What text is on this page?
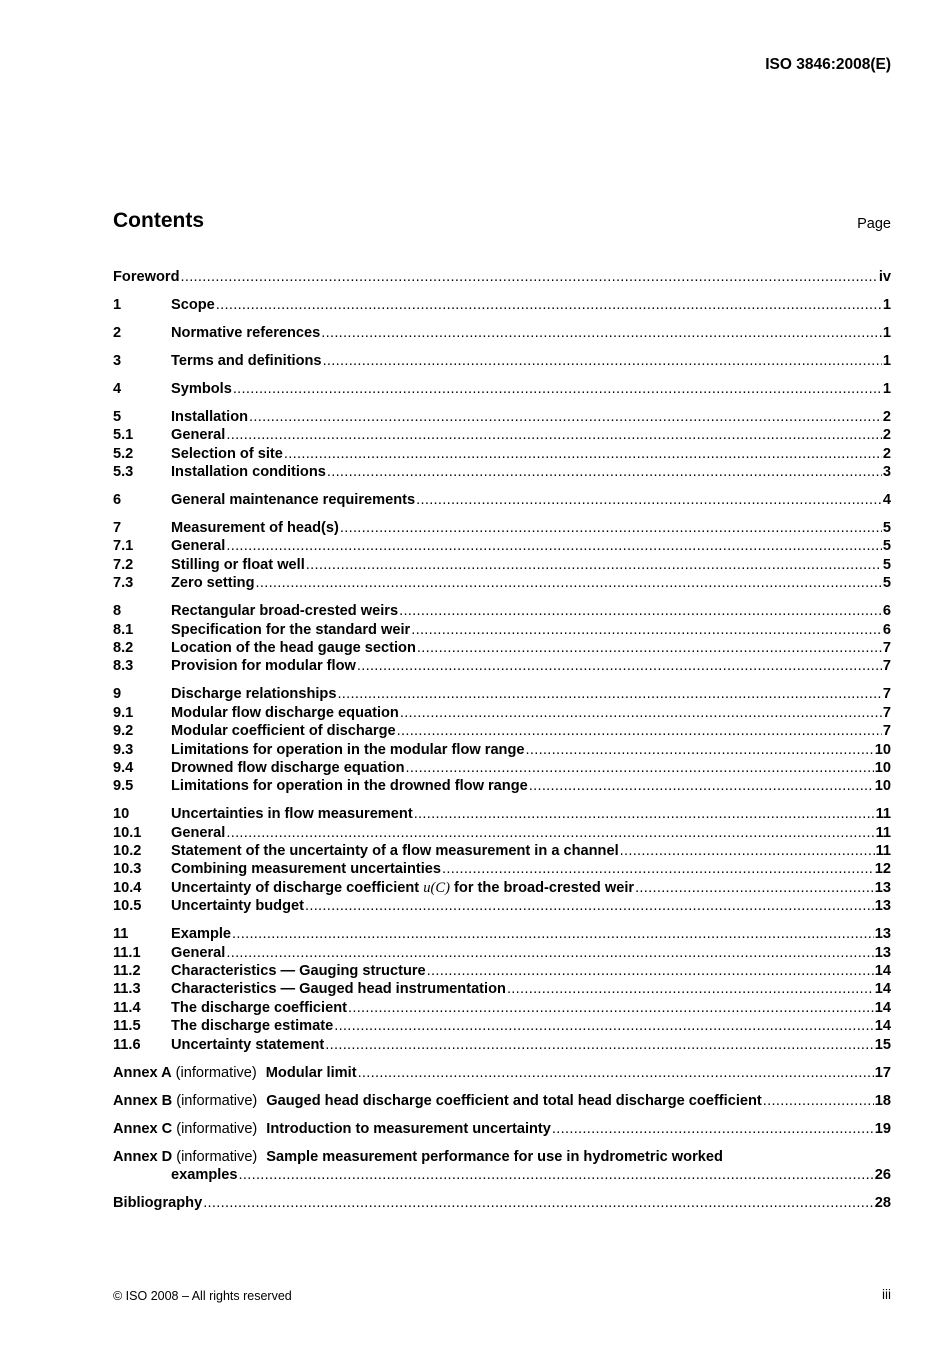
ISO 3846:2008(E)
Contents	Page
Foreword .....	iv
1	Scope .....	1
2	Normative references .....	1
3	Terms and definitions .....	1
4	Symbols .....	1
5	Installation .....	2
5.1	General .....	2
5.2	Selection of site .....	2
5.3	Installation conditions .....	3
6	General maintenance requirements .....	4
7	Measurement of head(s) .....	5
7.1	General .....	5
7.2	Stilling or float well .....	5
7.3	Zero setting .....	5
8	Rectangular broad-crested weirs .....	6
8.1	Specification for the standard weir .....	6
8.2	Location of the head gauge section .....	7
8.3	Provision for modular flow .....	7
9	Discharge relationships .....	7
9.1	Modular flow discharge equation .....	7
9.2	Modular coefficient of discharge .....	7
9.3	Limitations for operation in the modular flow range .....	10
9.4	Drowned flow discharge equation .....	10
9.5	Limitations for operation in the drowned flow range .....	10
10	Uncertainties in flow measurement .....	11
10.1 General .....	11
10.2 Statement of the uncertainty of a flow measurement in a channel .....	11
10.3 Combining measurement uncertainties .....	12
10.4 Uncertainty of discharge coefficient u(C) for the broad-crested weir .....	13
10.5 Uncertainty budget .....	13
11	Example .....	13
11.1 General .....	13
11.2 Characteristics — Gauging structure .....	14
11.3 Characteristics — Gauged head instrumentation .....	14
11.4 The discharge coefficient .....	14
11.5 The discharge estimate .....	14
11.6 Uncertainty statement .....	15
Annex A (informative) Modular limit .....	17
Annex B (informative) Gauged head discharge coefficient and total head discharge coefficient .....	18
Annex C (informative) Introduction to measurement uncertainty .....	19
Annex D (informative) Sample measurement performance for use in hydrometric worked
examples .....	26
Bibliography .....	28
© ISO 2008 – All rights reserved	iii
